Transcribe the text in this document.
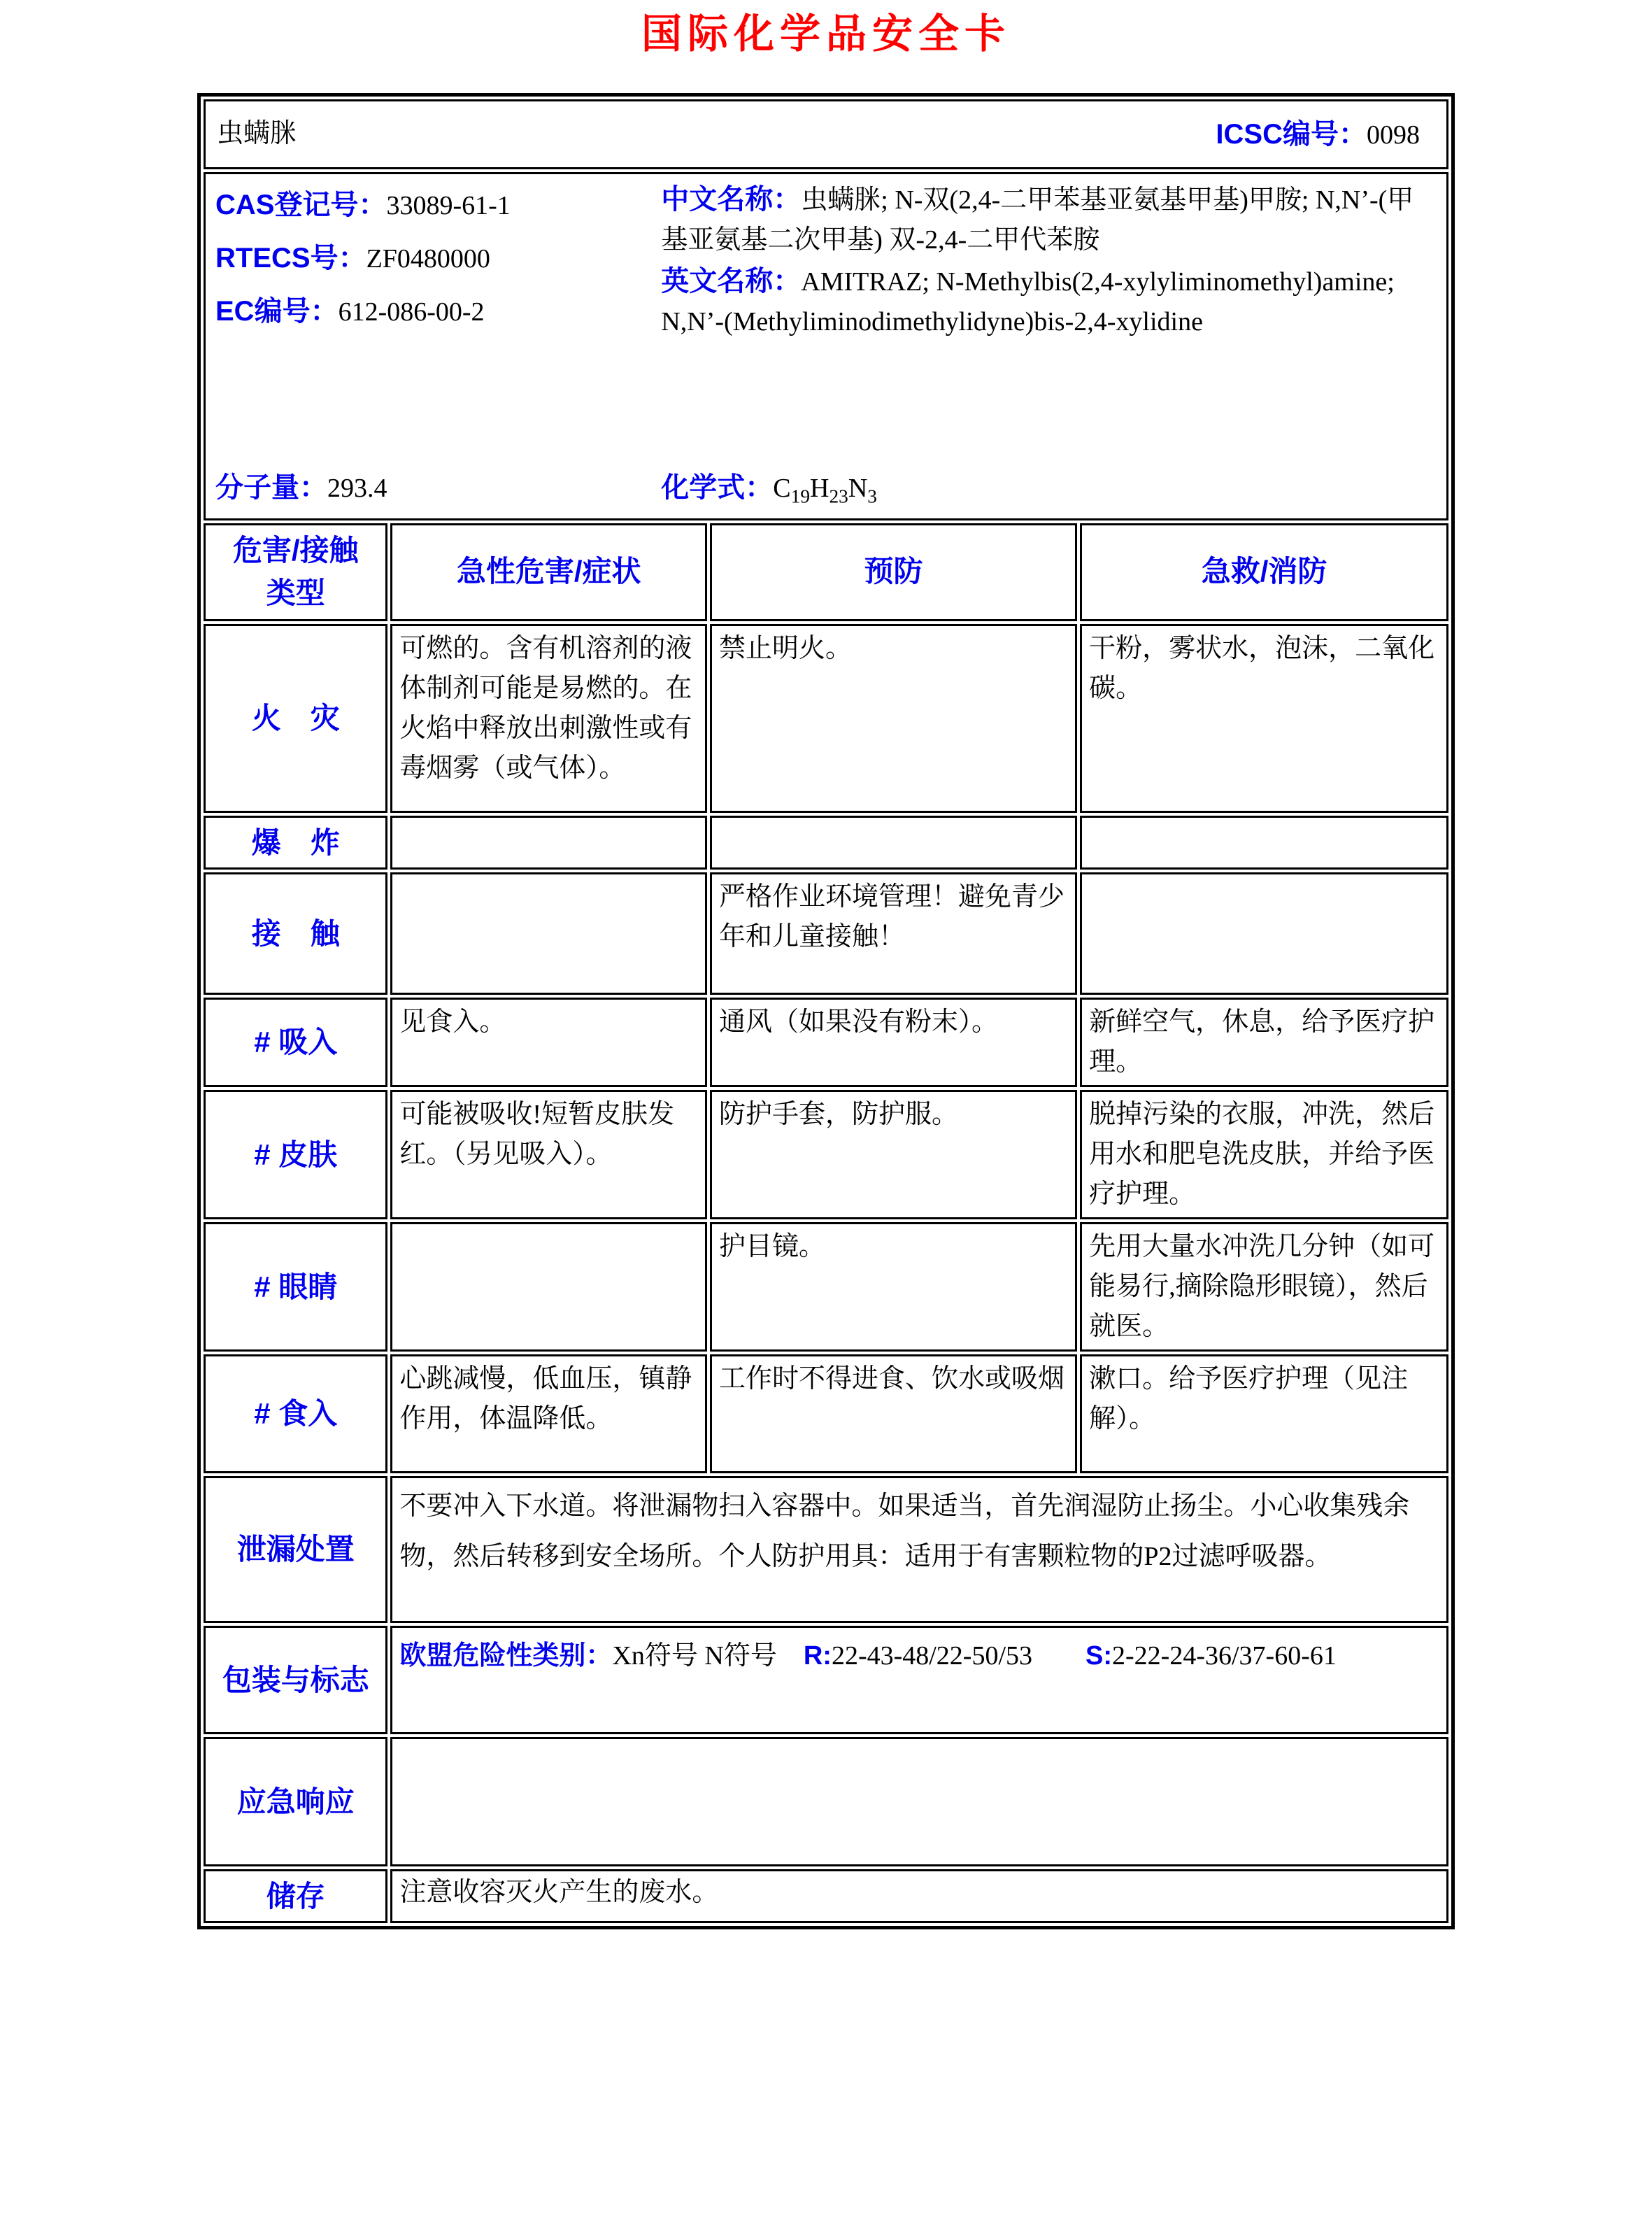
国际化学品安全卡
虫螨脒 ICSC编号：0098			

CAS登记号：33089-61-1
RTECS号：ZF0480000
EC编号：612-086-00-2
分子量：293.4

中文名称：虫螨脒; N-双(2,4-二甲苯基亚氨基甲基)甲胺; N,N’-(甲基亚氨基二次甲基) 双-2,4-二甲代苯胺

英文名称：AMITRAZ; N-Methylbis(2,4-xylyliminomethyl)amine; N,N’-(Methyliminodimethylidyne)bis-2,4-xylidine

化学式：$C_{19}H_{23}N_3$

危害/接触
类型	急性危害/症状	预防	急救/消防
火　灾	可燃的。含有机溶剂的液体制剂可能是易燃的。在火焰中释放出刺激性或有毒烟雾（或气体）。	禁止明火。	干粉，雾状水，泡沫，二氧化碳。
爆　炸			
接　触		严格作业环境管理！避免青少年和儿童接触！	
# 吸入	见食入。	通风（如果没有粉末）。	新鲜空气，休息，给予医疗护理。
# 皮肤	可能被吸收!短暂皮肤发红。（另见吸入）。	防护手套，防护服。	脱掉污染的衣服，冲洗，然后用水和肥皂洗皮肤，并给予医疗护理。
# 眼睛		护目镜。	先用大量水冲洗几分钟（如可能易行,摘除隐形眼镜），然后就医。
# 食入	心跳减慢，低血压，镇静作用，体温降低。	工作时不得进食、饮水或吸烟	漱口。给予医疗护理（见注解）。
泄漏处置	不要冲入下水道。将泄漏物扫入容器中。如果适当，首先润湿防止扬尘。小心收集残余物，然后转移到安全场所。个人防护用具：适用于有害颗粒物的P2过滤呼吸器。		
包装与标志	欧盟危险性类别：Xn符号 N符号　R:22-43-48/22-50/53　　S:2-22-24-36/37-60-61		
应急响应			
储存	注意收容灭火产生的废水。		
